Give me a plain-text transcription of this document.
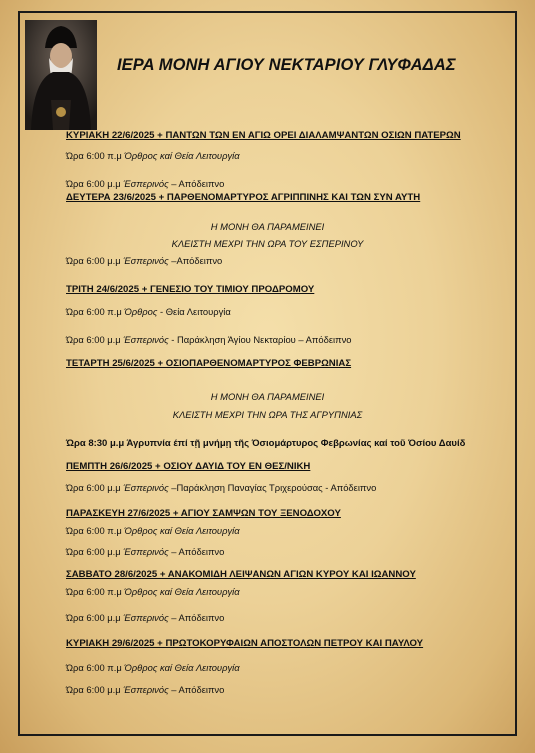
ΙΕΡΑ ΜΟΝΗ ΑΓΙΟΥ ΝΕΚΤΑΡΙΟΥ ΓΛΥΦΑΔΑΣ
ΚΥΡΙΑΚΗ 22/6/2025 + ΠΑΝΤΩΝ ΤΩΝ ΕΝ ΑΓΙΩ ΟΡΕΙ ΔΙΑΛΑΜΨΑΝΤΩΝ ΟΣΙΩΝ ΠΑΤΕΡΩΝ
Ώρα 6:00 π.μ Όρθρος καί Θεία Λειτουργία
Ώρα 6:00 μ.μ Έσπερινός – Απόδειπνο
ΔΕΥΤΕΡΑ 23/6/2025 + ΠΑΡΘΕΝΟΜΑΡΤΥΡΟΣ ΑΓΡΙΠΠΙΝΗΣ ΚΑΙ ΤΩΝ ΣΥΝ ΑΥΤΗ
Η ΜΟΝΗ ΘΑ ΠΑΡΑΜΕΙΝΕΙ
ΚΛΕΙΣΤΗ ΜΕΧΡΙ ΤΗΝ ΩΡΑ ΤΟΥ ΕΣΠΕΡΙΝΟΥ
Ώρα 6:00 μ.μ Έσπερινός –Απόδειπνο
ΤΡΙΤΗ 24/6/2025 + ΓΕΝΕΣΙΟ ΤΟΥ ΤΙΜΙΟΥ ΠΡΟΔΡΟΜΟΥ
Ώρα 6:00 π.μ Όρθρος - Θεία Λειτουργία
Ώρα 6:00 μ.μ Έσπερινός - Παράκληση Άγίου Νεκταρίου – Απόδειπνο
ΤΕΤΑΡΤΗ 25/6/2025 + ΟΣΙΟΠΑΡΘΕΝΟΜΑΡΤΥΡΟΣ ΦΕΒΡΩΝΙΑΣ
Η ΜΟΝΗ ΘΑ ΠΑΡΑΜΕΙΝΕΙ
ΚΛΕΙΣΤΗ ΜΕΧΡΙ ΤΗΝ ΩΡΑ ΤΗΣ ΑΓΡΥΠΝΙΑΣ
Ώρα 8:30 μ.μ Άγρυπνία έπί τῇ μνήμῃ τῆς Όσιομάρτυρος Φεβρωνίας καί τοῦ Όσίου Δαυίδ
ΠΕΜΠΤΗ 26/6/2025 + ΟΣΙΟΥ ΔΑΥΙΔ ΤΟΥ ΕΝ ΘΕΣ/ΝΙΚΗ
Ώρα 6:00 μ.μ Έσπερινός –Παράκληση Παναγίας Τριχερούσας - Απόδειπνο
ΠΑΡΑΣΚΕΥΗ 27/6/2025 + ΑΓΙΟΥ ΣΑΜΨΩΝ ΤΟΥ ΞΕΝΟΔΟΧΟΥ
Ώρα 6:00 π.μ Όρθρος καί Θεία Λειτουργία
Ώρα 6:00 μ.μ Έσπερινός – Απόδειπνο
ΣΑΒΒΑΤΟ 28/6/2025 + ΑΝΑΚΟΜΙΔΗ ΛΕΙΨΑΝΩΝ ΑΓΙΩΝ ΚΥΡΟΥ ΚΑΙ ΙΩΑΝΝΟΥ
Ώρα 6:00 π.μ Όρθρος καί Θεία Λειτουργία
Ώρα 6:00 μ.μ Έσπερινός – Απόδειπνο
ΚΥΡΙΑΚΗ 29/6/2025 + ΠΡΩΤΟΚΟΡΥΦΑΙΩΝ ΑΠΟΣΤΟΛΩΝ ΠΕΤΡΟΥ ΚΑΙ ΠΑΥΛΟΥ
Ώρα 6:00 π.μ Όρθρος καί Θεία Λειτουργία
Ώρα 6:00 μ.μ Έσπερινός – Απόδειπνο
